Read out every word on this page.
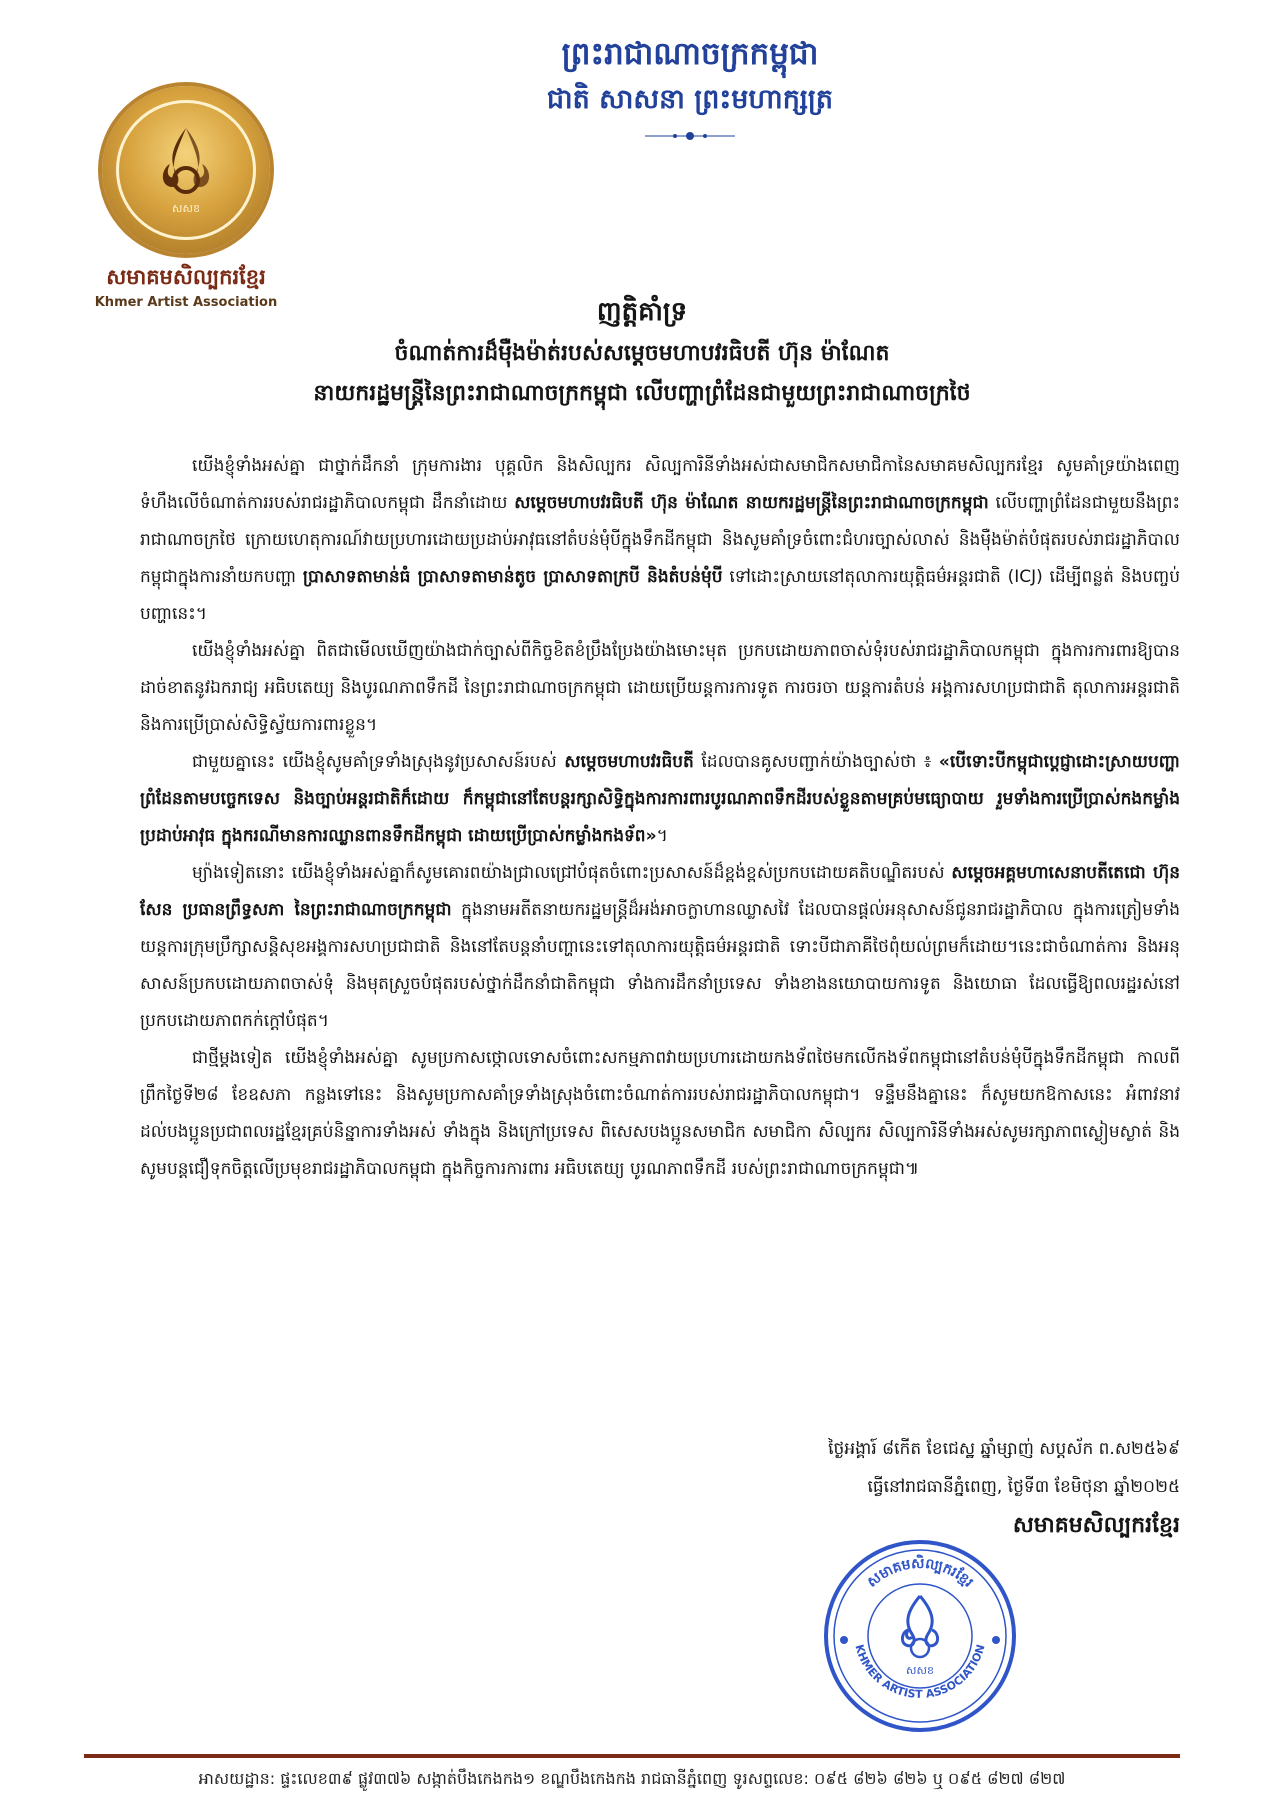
សសខ
សមាគមសិល្បករខ្មែរ
Khmer Artist Association
ព្រះរាជាណាចក្រកម្ពុជា
ជាតិ សាសនា ព្រះមហាក្សត្រ
ញត្តិគាំទ្រ
ចំណាត់ការដ៏មុឺងម៉ាត់របស់សម្តេចមហាបវរធិបតី ហ៊ុន ម៉ាណែត
នាយករដ្ឋមន្ត្រីនៃព្រះរាជាណាចក្រកម្ពុជា លើបញ្ហាព្រំដែនជាមួយព្រះរាជាណាចក្រថៃ

យើងខ្ញុំទាំងអស់គ្នា ជាថ្នាក់ដឹកនាំ ក្រុមការងារ បុគ្គលិក និងសិល្បករ សិល្បការិនីទាំងអស់ជាសមាជិកសមាជិកានៃសមាគមសិល្បករខ្មែរ សូមគាំទ្រយ៉ាងពេញទំហឹងលើចំណាត់ការរបស់រាជរដ្ឋាភិបាលកម្ពុជា ដឹកនាំដោយ សម្តេចមហាបវរធិបតី ហ៊ុន ម៉ាណែត នាយករដ្ឋមន្ត្រីនៃព្រះរាជាណាចក្រកម្ពុជា លើបញ្ហាព្រំដែនជាមួយនឹងព្រះរាជាណាចក្រថៃ ក្រោយហេតុការណ៍វាយប្រហារដោយប្រដាប់អាវុធនៅតំបន់មុំបីក្នុងទឹកដីកម្ពុជា និងសូមគាំទ្រចំពោះជំហរច្បាស់លាស់ និងមុឺងម៉ាត់បំផុតរបស់រាជរដ្ឋាភិបាលកម្ពុជាក្នុងការនាំយកបញ្ហា ប្រាសាទតាមាន់ធំ ប្រាសាទតាមាន់តូច ប្រាសាទតាក្របី និងតំបន់មុំបី ទៅដោះស្រាយនៅតុលាការយុត្តិធម៌អន្តរជាតិ (ICJ) ដើម្បីពន្លត់ និងបញ្ចប់បញ្ហានេះ។

យើងខ្ញុំទាំងអស់គ្នា ពិតជាមើលឃើញយ៉ាងជាក់ច្បាស់ពីកិច្ចខិតខំប្រឹងប្រែងយ៉ាងមោះមុត ប្រកបដោយភាពចាស់ទុំរបស់រាជរដ្ឋាភិបាលកម្ពុជា ក្នុងការការពារឱ្យបានដាច់ខាតនូវឯករាជ្យ អធិបតេយ្យ និងបូរណភាពទឹកដី នៃព្រះរាជាណាចក្រកម្ពុជា ដោយប្រើយន្តការការទូត ការចរចា យន្តការតំបន់ អង្គការសហប្រជាជាតិ តុលាការអន្តរជាតិ និងការប្រើប្រាស់សិទ្ធិស្វ័យការពារខ្លួន។

ជាមួយគ្នានេះ យើងខ្ញុំសូមគាំទ្រទាំងស្រុងនូវប្រសាសន៍របស់ សម្តេចមហាបវរធិបតី ដែលបានគូសបញ្ជាក់យ៉ាងច្បាស់ថា ៖ «បើទោះបីកម្ពុជាប្តេជ្ញាដោះស្រាយបញ្ហាព្រំដែនតាមបច្ចេកទេស និងច្បាប់អន្តរជាតិក៏ដោយ ក៏កម្ពុជានៅតែបន្តរក្សាសិទ្ធិក្នុងការការពារបូរណភាពទឹកដីរបស់ខ្លួនតាមគ្រប់មធ្យោបាយ រួមទាំងការប្រើប្រាស់កងកម្លាំងប្រដាប់អាវុធ ក្នុងករណីមានការឈ្លានពានទឹកដីកម្ពុជា ដោយប្រើប្រាស់កម្លាំងកងទ័ព»។

ម្យ៉ាងទៀតនោះ យើងខ្ញុំទាំងអស់គ្នាក៏សូមគោរពយ៉ាងជ្រាលជ្រៅបំផុតចំពោះប្រសាសន៍ដ៏ខ្ពង់ខ្ពស់ប្រកបដោយគតិបណ្ឌិតរបស់ សម្តេចអគ្គមហាសេនាបតីតេជោ ហ៊ុន សែន ប្រធានព្រឹទ្ធសភា នៃព្រះរាជាណាចក្រកម្ពុជា ក្នុងនាមអតីតនាយករដ្ឋមន្ត្រីដ៏អង់អាចក្លាហានឈ្លាសវៃ ដែលបានផ្តល់អនុសាសន៍ជូនរាជរដ្ឋាភិបាល ក្នុងការត្រៀមទាំងយន្តការក្រុមប្រឹក្សាសន្តិសុខអង្គការសហប្រជាជាតិ និងនៅតែបន្តនាំបញ្ហានេះទៅតុលាការយុត្តិធម៌អន្តរជាតិ ទោះបីជាភាគីថៃពុំយល់ព្រមក៏ដោយ។នេះជាចំណាត់ការ និងអនុសាសន៍ប្រកបដោយភាពចាស់ទុំ និងមុតស្រួចបំផុតរបស់ថ្នាក់ដឹកនាំជាតិកម្ពុជា ទាំងការដឹកនាំប្រទេស ទាំងខាងនយោបាយការទូត និងយោធា ដែលធ្វើឱ្យពលរដ្ឋរស់នៅប្រកបដោយភាពកក់ក្តៅបំផុត។

ជាថ្មីម្តងទៀត យើងខ្ញុំទាំងអស់គ្នា សូមប្រកាសថ្កោលទោសចំពោះសកម្មភាពវាយប្រហារដោយកងទ័ពថៃមកលើកងទ័ពកម្ពុជានៅតំបន់មុំបីក្នុងទឹកដីកម្ពុជា កាលពីព្រឹកថ្ងៃទី២៨ ខែឧសភា កន្លងទៅនេះ និងសូមប្រកាសគាំទ្រទាំងស្រុងចំពោះចំណាត់ការរបស់រាជរដ្ឋាភិបាលកម្ពុជា។ ទន្ទឹមនឹងគ្នានេះ ក៏សូមយកឱកាសនេះ អំពាវនាវដល់បងប្អូនប្រជាពលរដ្ឋខ្មែរគ្រប់និន្នាការទាំងអស់ ទាំងក្នុង និងក្រៅប្រទេស ពិសេសបងប្អូនសមាជិក សមាជិកា សិល្បករ សិល្បការិនីទាំងអស់សូមរក្សាភាពស្ងៀមស្ងាត់ និងសូមបន្តជឿទុកចិត្តលើប្រមុខរាជរដ្ឋាភិបាលកម្ពុជា ក្នុងកិច្ចការការពារ អធិបតេយ្យ បូរណភាពទឹកដី របស់ព្រះរាជាណាចក្រកម្ពុជា៕

ថ្ងៃអង្គារ៍ ៨កើត ខែជេស្ឋ ឆ្នាំម្សាញ់ សប្តស័ក ព.ស២៥៦៩
ធ្វើនៅរាជធានីភ្នំពេញ, ថ្ងៃទី៣ ខែមិថុនា ឆ្នាំ២០២៥
សមាគមសិល្បករខ្មែរ
សមាគមសិល្បករខ្មែរ
KHMER ARTIST ASSOCIATION
សសខ
អាសយដ្ឋាន: ផ្ទះលេខ៣៩ ផ្លូវ៣៧៦ សង្កាត់បឹងកេងកង១ ខណ្ឌបឹងកេងកង រាជធានីភ្នំពេញ ទូរសព្ទលេខ: ០៩៥ ៨២៦ ៨២៦ ឬ ០៩៥ ៨២៧ ៨២៧
